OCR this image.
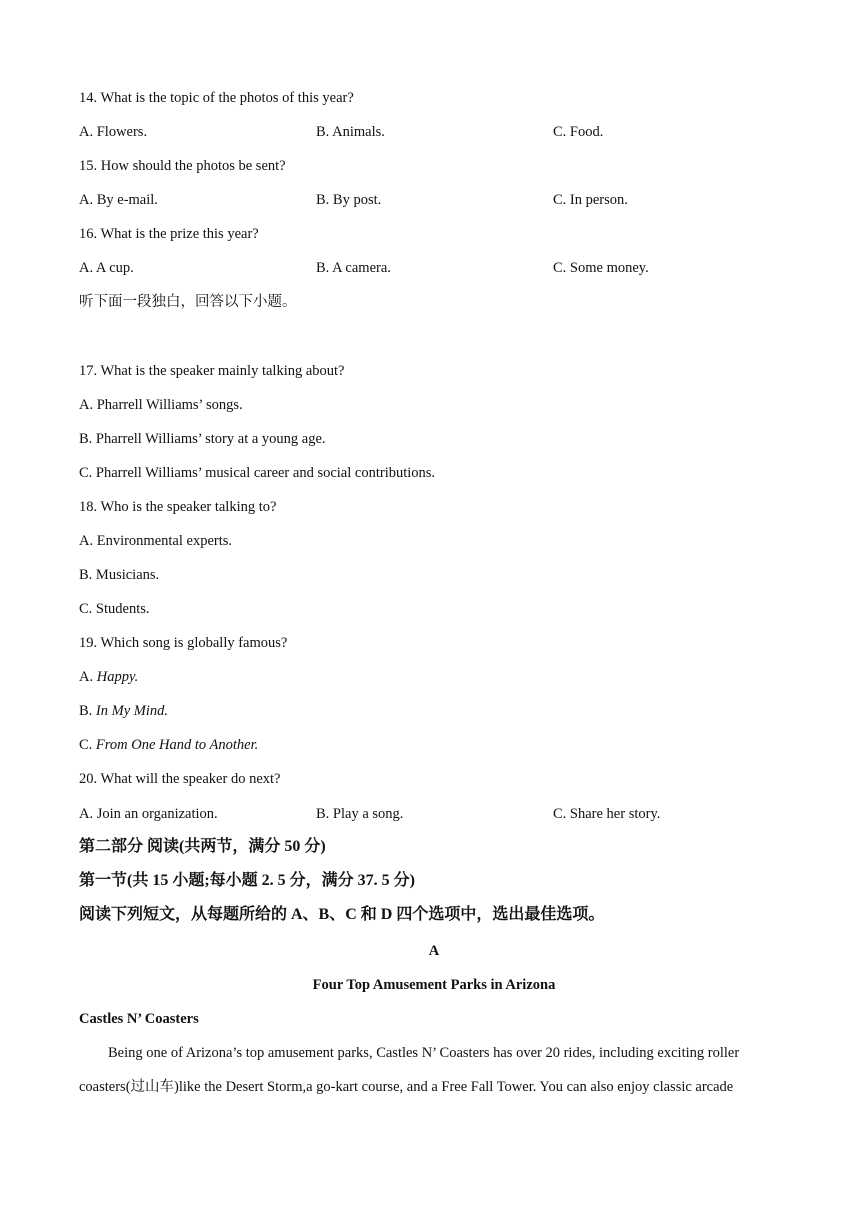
14. What is the topic of the photos of this year?
A. Flowers.	B. Animals.	C. Food.
15. How should the photos be sent?
A. By e-mail.	B. By post.	C. In person.
16. What is the prize this year?
A. A cup.	B. A camera.	C. Some money.
听下面一段独白，回答以下小题。
17. What is the speaker mainly talking about?
A. Pharrell Williams’ songs.
B. Pharrell Williams’ story at a young age.
C. Pharrell Williams’ musical career and social contributions.
18. Who is the speaker talking to?
A. Environmental experts.
B. Musicians.
C. Students.
19. Which song is globally famous?
A. Happy.
B. In My Mind.
C. From One Hand to Another.
20. What will the speaker do next?
A. Join an organization.	B. Play a song.	C. Share her story.
第二部分 阅读(共两节，满分 50 分)
第一节(共 15 小题;每小题 2. 5 分，满分 37. 5 分)
阅读下列短文，从每题所给的 A、B、C 和 D 四个选项中，选出最佳选项。
A
Four Top Amusement Parks in Arizona
Castles N’ Coasters
Being one of Arizona’s top amusement parks, Castles N’ Coasters has over 20 rides, including exciting roller
coasters(过山车)like the Desert Storm,a go-kart course, and a Free Fall Tower. You can also enjoy classic arcade
